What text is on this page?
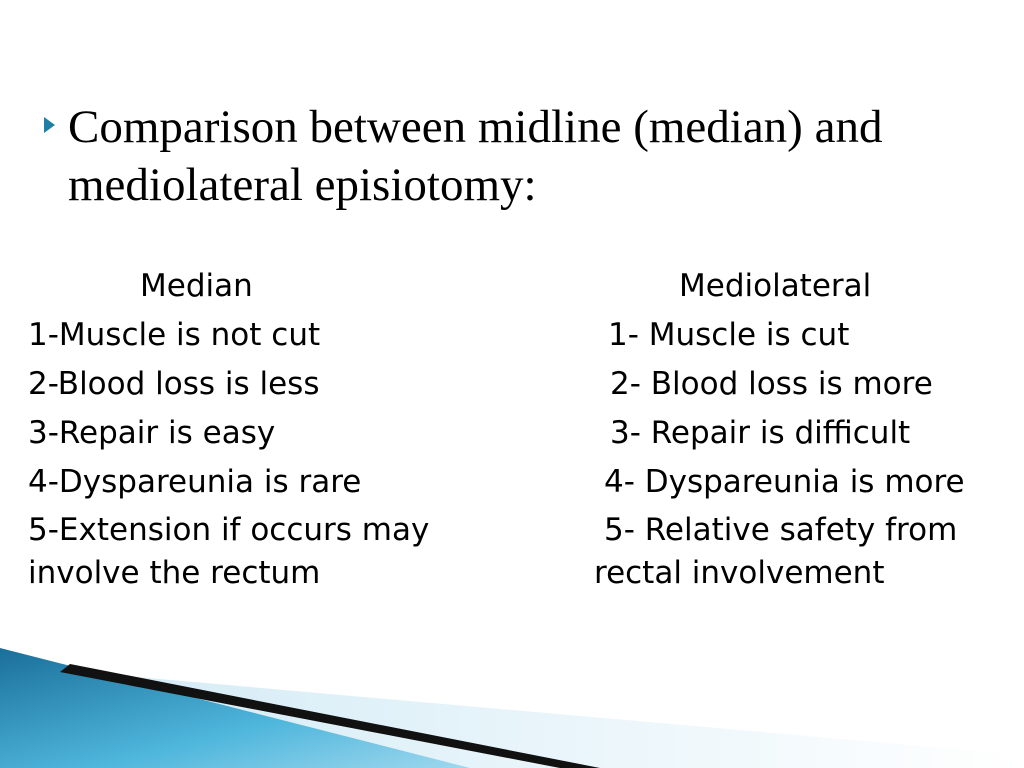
Comparison between midline (median) and
mediolateral episiotomy:
Median	Mediolateral
1-Muscle is not cut	1- Muscle is cut
2-Blood loss is less	2- Blood loss is more
3-Repair is easy	3- Repair is difficult
4-Dyspareunia is rare	4- Dyspareunia is more
5-Extension if occurs may	5- Relative safety from
involve the rectum	rectal involvement
